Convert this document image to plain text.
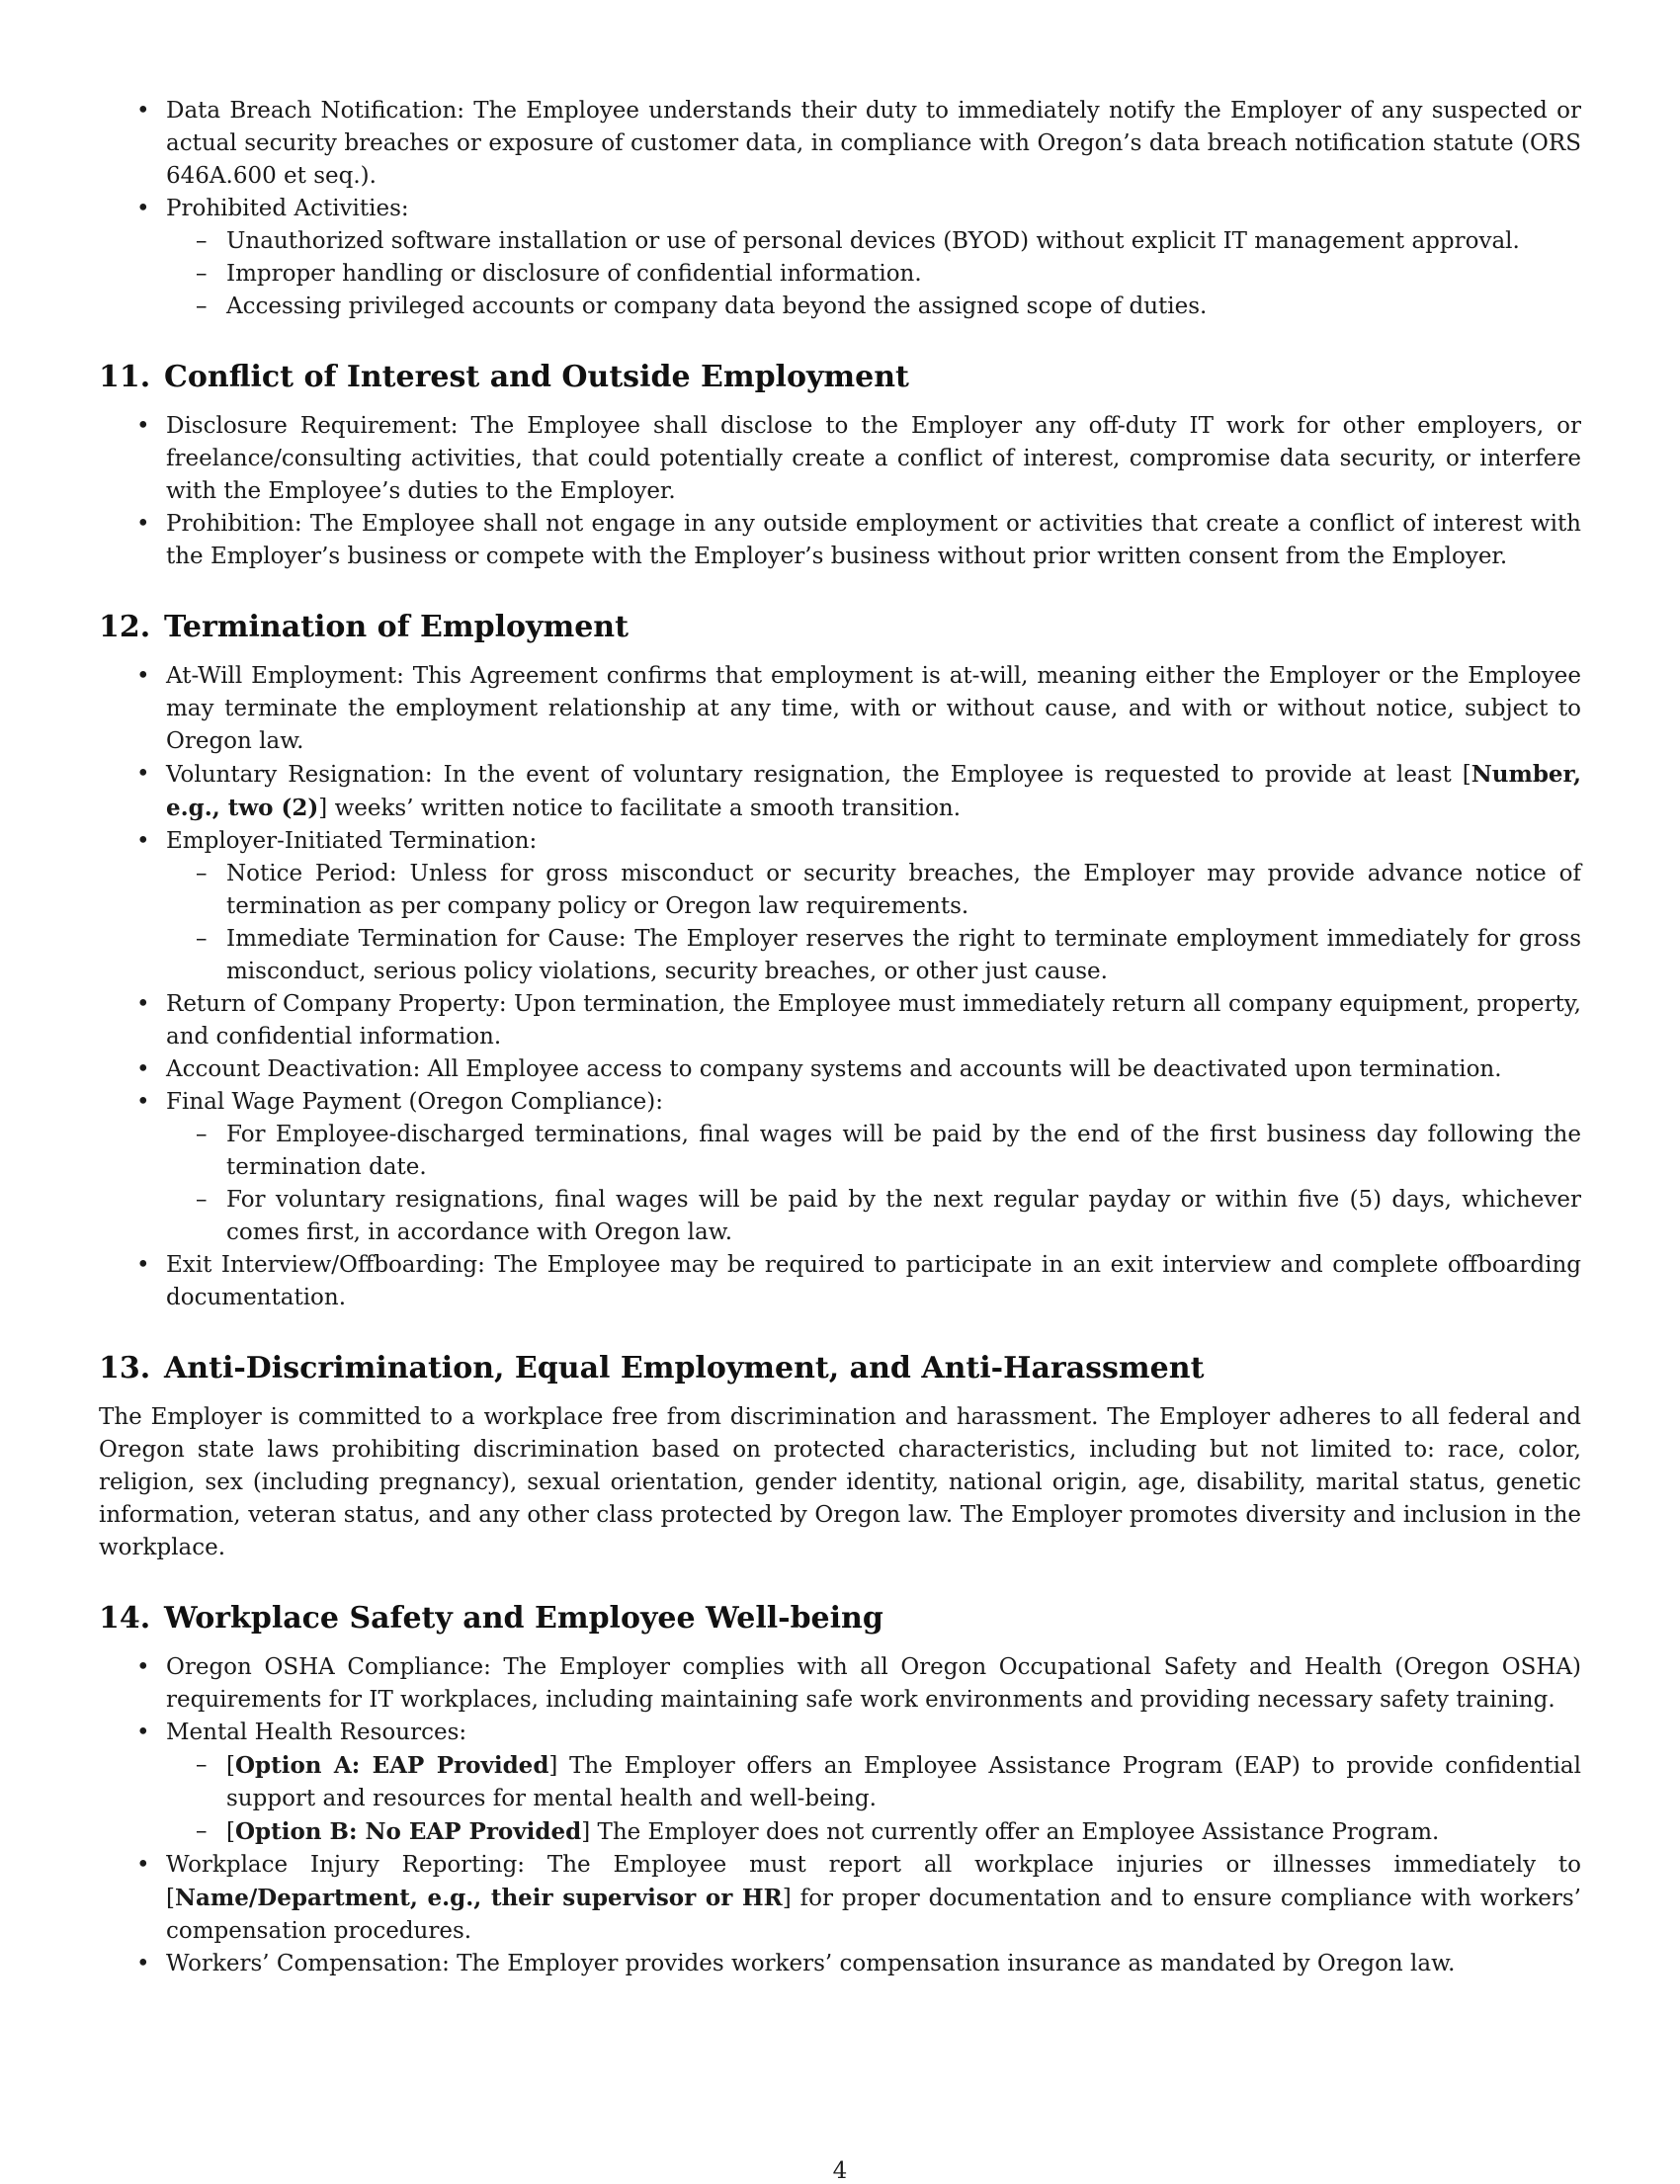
• Data Breach Notification: The Employee understands their duty to immediately notify the Employer of any suspected or actual security breaches or exposure of customer data, in compliance with Oregon’s data breach notification statute (ORS 646A.600 et seq.).
• Prohibited Activities:
– Unauthorized software installation or use of personal devices (BYOD) without explicit IT management approval.
– Improper handling or disclosure of confidential information.
– Accessing privileged accounts or company data beyond the assigned scope of duties.
11. Conflict of Interest and Outside Employment
• Disclosure Requirement: The Employee shall disclose to the Employer any off-duty IT work for other employers, or freelance/consulting activities, that could potentially create a conflict of interest, compromise data security, or interfere with the Employee’s duties to the Employer.
• Prohibition: The Employee shall not engage in any outside employment or activities that create a conflict of interest with the Employer’s business or compete with the Employer’s business without prior written consent from the Employer.
12. Termination of Employment
• At-Will Employment: This Agreement confirms that employment is at-will, meaning either the Employer or the Employee may terminate the employment relationship at any time, with or without cause, and with or without notice, subject to Oregon law.
• Voluntary Resignation: In the event of voluntary resignation, the Employee is requested to provide at least [Number, e.g., two (2)] weeks’ written notice to facilitate a smooth transition.
• Employer-Initiated Termination:
– Notice Period: Unless for gross misconduct or security breaches, the Employer may provide advance notice of termination as per company policy or Oregon law requirements.
– Immediate Termination for Cause: The Employer reserves the right to terminate employment immediately for gross misconduct, serious policy violations, security breaches, or other just cause.
• Return of Company Property: Upon termination, the Employee must immediately return all company equipment, property, and confidential information.
• Account Deactivation: All Employee access to company systems and accounts will be deactivated upon termination.
• Final Wage Payment (Oregon Compliance):
– For Employee-discharged terminations, final wages will be paid by the end of the first business day following the termination date.
– For voluntary resignations, final wages will be paid by the next regular payday or within five (5) days, whichever comes first, in accordance with Oregon law.
• Exit Interview/Offboarding: The Employee may be required to participate in an exit interview and complete offboarding documentation.
13. Anti-Discrimination, Equal Employment, and Anti-Harassment

The Employer is committed to a workplace free from discrimination and harassment. The Employer adheres to all federal and Oregon state laws prohibiting discrimination based on protected characteristics, including but not limited to: race, color, religion, sex (including pregnancy), sexual orientation, gender identity, national origin, age, disability, marital status, genetic information, veteran status, and any other class protected by Oregon law. The Employer promotes diversity and inclusion in the workplace.

14. Workplace Safety and Employee Well-being
• Oregon OSHA Compliance: The Employer complies with all Oregon Occupational Safety and Health (Oregon OSHA) requirements for IT workplaces, including maintaining safe work environments and providing necessary safety training.
• Mental Health Resources:
– [Option A: EAP Provided] The Employer offers an Employee Assistance Program (EAP) to provide confidential support and resources for mental health and well-being.
– [Option B: No EAP Provided] The Employer does not currently offer an Employee Assistance Program.
• Workplace Injury Reporting: The Employee must report all workplace injuries or illnesses immediately to [Name/Department, e.g., their supervisor or HR] for proper documentation and to ensure compliance with workers’ compensation procedures.
• Workers’ Compensation: The Employer provides workers’ compensation insurance as mandated by Oregon law.
4
